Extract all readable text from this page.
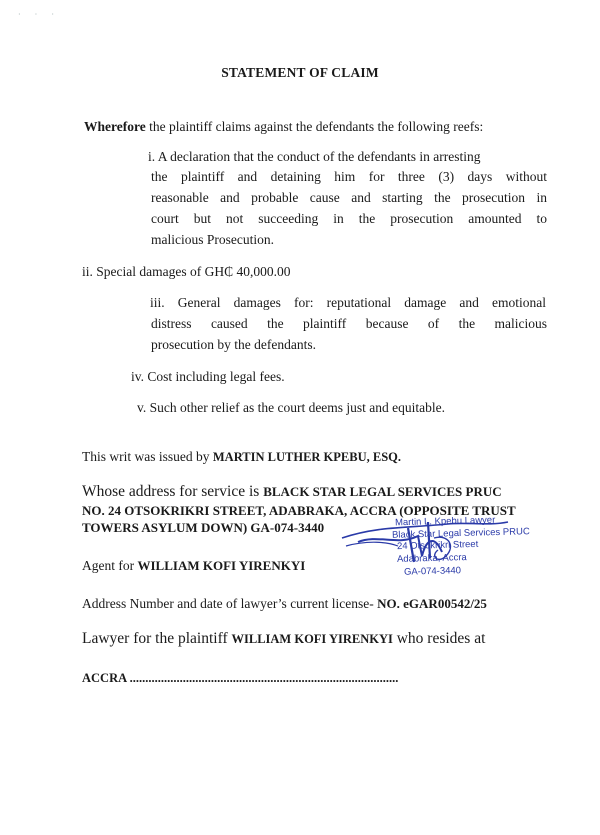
· · ·
STATEMENT OF CLAIM
Wherefore the plaintiff claims against the defendants the following reefs:
i. A declaration that the conduct of the defendants in arresting
the plaintiff and detaining him for three (3) days without
reasonable and probable cause and starting the prosecution in
court but not succeeding in the prosecution amounted to
malicious Prosecution.
ii. Special damages of GH₵ 40,000.00
iii. General damages for: reputational damage and emotional
distress caused the plaintiff because of the malicious
prosecution by the defendants.
iv. Cost including legal fees.
v. Such other relief as the court deems just and equitable.
This writ was issued by MARTIN LUTHER KPEBU, ESQ.
Whose address for service is BLACK STAR LEGAL SERVICES PRUC
NO. 24 OTSOKRIKRI STREET, ADABRAKA, ACCRA (OPPOSITE TRUST
TOWERS ASYLUM DOWN) GA-074-3440
Agent for WILLIAM KOFI YIRENKYI
Martin L. Kpebu Lawyer
Black Star Legal Services PRUC
24 Otsokrikri Street
Adabraka, Accra
GA-074-3440
Address Number and date of lawyer’s current license- NO. eGAR00542/25
Lawyer for the plaintiff WILLIAM KOFI YIRENKYI who resides at
ACCRA ......................................................................................
